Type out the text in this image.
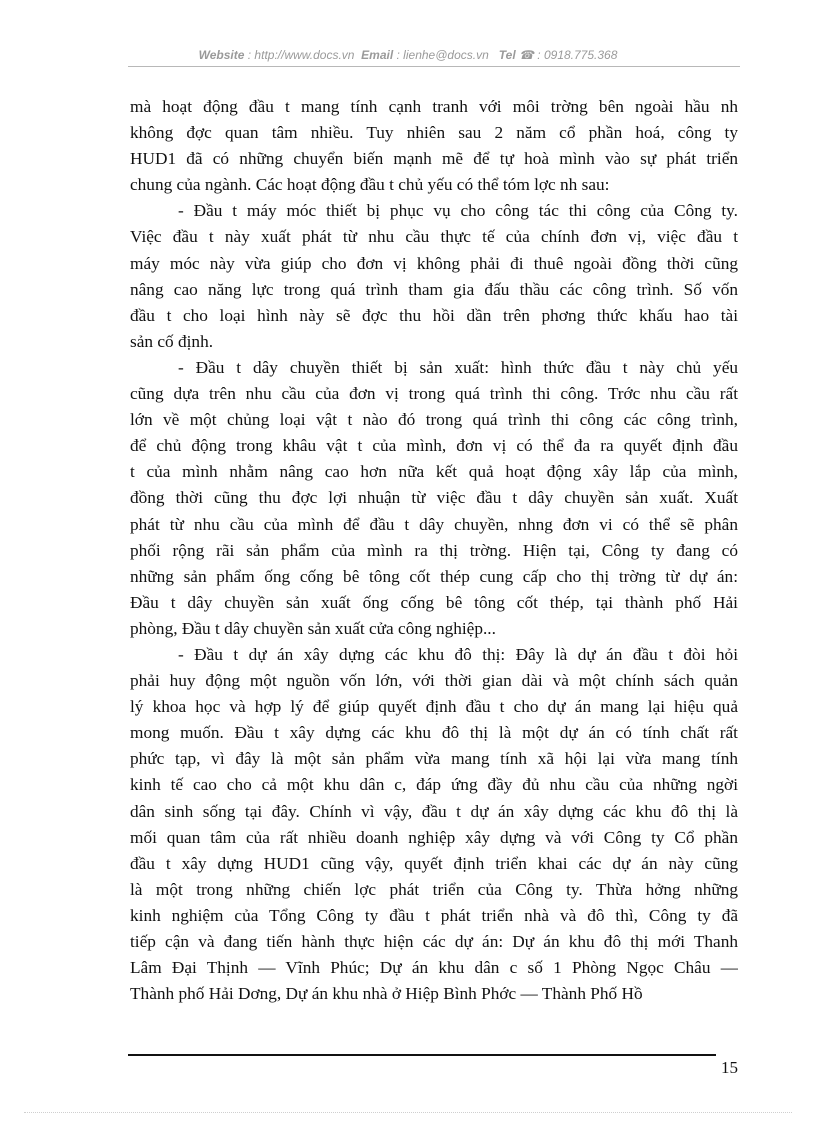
Website : http://www.docs.vn Email : lienhe@docs.vn Tel ☎ : 0918.775.368
mà hoạt động đầu t mang tính cạnh tranh với môi trờng bên ngoài hầu nh
không đợc quan tâm nhiều. Tuy nhiên sau 2 năm cổ phần hoá, công ty
HUD1 đã có những chuyển biến mạnh mẽ để tự hoà mình vào sự phát triển
chung của ngành. Các hoạt động đầu t chủ yếu có thể tóm lợc nh sau:
- Đầu t máy móc thiết bị phục vụ cho công tác thi công của Công ty.
Việc đầu t này xuất phát từ nhu cầu thực tế của chính đơn vị, việc đầu t
máy móc này vừa giúp cho đơn vị không phải đi thuê ngoài đồng thời cũng
nâng cao năng lực trong quá trình tham gia đấu thầu các công trình. Số vốn
đầu t cho loại hình này sẽ đợc thu hồi dần trên phơng thức khấu hao tài
sản cố định.
- Đầu t dây chuyền thiết bị sản xuất: hình thức đầu t này chủ yếu
cũng dựa trên nhu cầu của đơn vị trong quá trình thi công. Trớc nhu cầu rất
lớn về một chủng loại vật t nào đó trong quá trình thi công các công trình,
để chủ động trong khâu vật t của mình, đơn vị có thể đa ra quyết định đầu
t của mình nhằm nâng cao hơn nữa kết quả hoạt động xây lắp của mình,
đồng thời cũng thu đợc lợi nhuận từ việc đầu t dây chuyền sản xuất. Xuất
phát từ nhu cầu của mình để đầu t dây chuyền, nhng đơn vi có thể sẽ phân
phối rộng rãi sản phẩm của mình ra thị trờng. Hiện tại, Công ty đang có
những sản phẩm ống cống bê tông cốt thép cung cấp cho thị trờng từ dự án:
Đầu t dây chuyền sản xuất ống cống bê tông cốt thép, tại thành phố Hải
phòng, Đầu t dây chuyền sản xuất cửa công nghiệp...
- Đầu t dự án xây dựng các khu đô thị: Đây là dự án đầu t đòi hỏi
phải huy động một nguồn vốn lớn, với thời gian dài và một chính sách quản
lý khoa học và hợp lý để giúp quyết định đầu t cho dự án mang lại hiệu quả
mong muốn. Đầu t xây dựng các khu đô thị là một dự án có tính chất rất
phức tạp, vì đây là một sản phẩm vừa mang tính xã hội lại vừa mang tính
kinh tế cao cho cả một khu dân c, đáp ứng đầy đủ nhu cầu của những ngời
dân sinh sống tại đây. Chính vì vậy, đầu t dự án xây dựng các khu đô thị là
mối quan tâm của rất nhiều doanh nghiệp xây dựng và với Công ty Cổ phần
đầu t xây dựng HUD1 cũng vậy, quyết định triển khai các dự án này cũng
là một trong những chiến lợc phát triển của Công ty. Thừa hởng những
kinh nghiệm của Tổng Công ty đầu t phát triển nhà và đô thì, Công ty đã
tiếp cận và đang tiến hành thực hiện các dự án: Dự án khu đô thị mới Thanh
Lâm Đại Thịnh — Vĩnh Phúc; Dự án khu dân c số 1 Phòng Ngọc Châu —
Thành phố Hải Dơng, Dự án khu nhà ở Hiệp Bình Phớc — Thành Phố Hồ
15
